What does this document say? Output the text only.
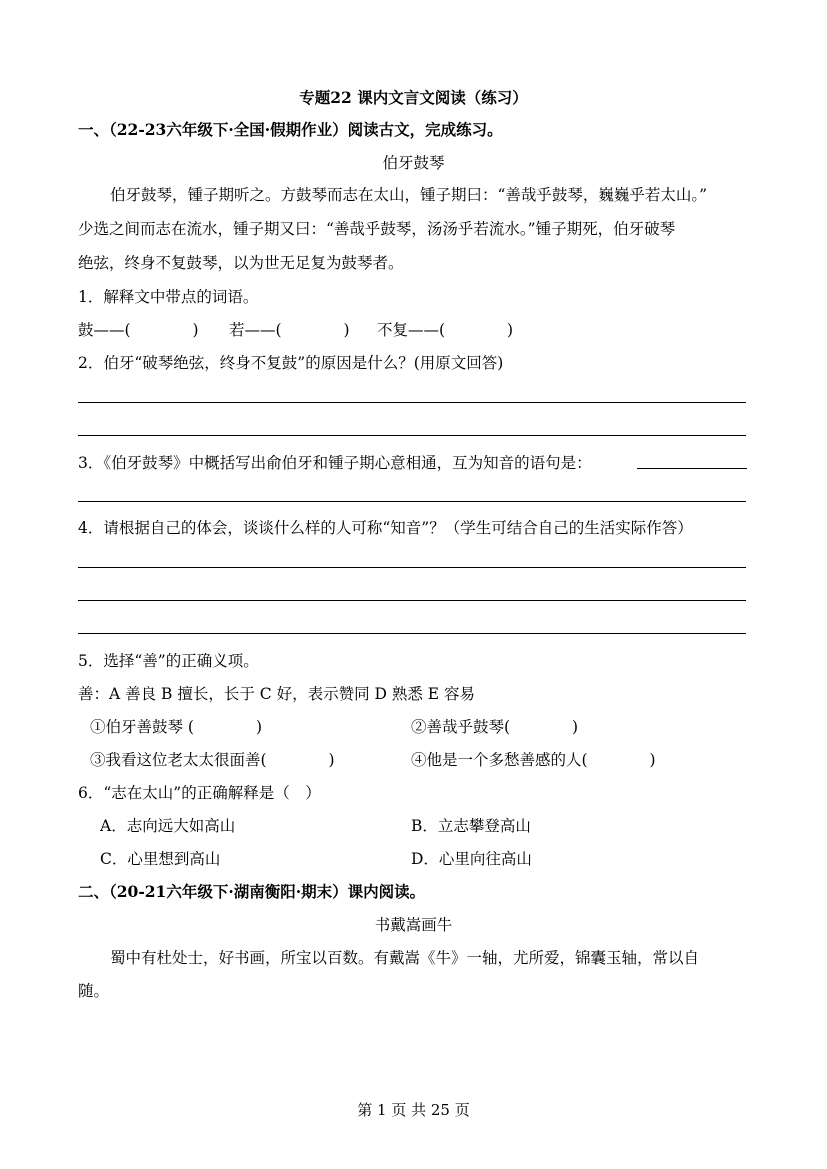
专题22 课内文言文阅读（练习）
一、（22-23六年级下·全国·假期作业）阅读古文，完成练习。
伯牙鼓琴
伯牙鼓琴，锺子期听之。方鼓琴而志在太山，锺子期曰：“善哉乎鼓琴，巍巍乎若太山。”
少选之间而志在流水，锺子期又曰：“善哉乎鼓琴，汤汤乎若流水。”锺子期死，伯牙破琴
绝弦，终身不复鼓琴，以为世无足复为鼓琴者。
1．解释文中带点的词语。
鼓——(　　　　) 若——(　　　　) 不复——(　　　　)
2．伯牙“破琴绝弦，终身不复鼓”的原因是什么？(用原文回答)
3．《伯牙鼓琴》中概括写出俞伯牙和锺子期心意相通，互为知音的语句是：
4．请根据自己的体会，谈谈什么样的人可称“知音”？（学生可结合自己的生活实际作答）
5．选择“善”的正确义项。
善：A 善良 B 擅长，长于 C 好，表示赞同 D 熟悉 E 容易
①伯牙善鼓琴 (　　　　)	②善哉乎鼓琴(　　　　)
③我看这位老太太很面善(　　　　)	④他是一个多愁善感的人(　　　　)
6．“志在太山”的正确解释是（　）
A．志向远大如高山	B．立志攀登高山
C．心里想到高山	D．心里向往高山
二、（20-21六年级下·湖南衡阳·期末）课内阅读。
书戴嵩画牛
蜀中有杜处士，好书画，所宝以百数。有戴嵩《牛》一轴，尤所爱，锦囊玉轴，常以自
随。
第 1 页 共 25 页
